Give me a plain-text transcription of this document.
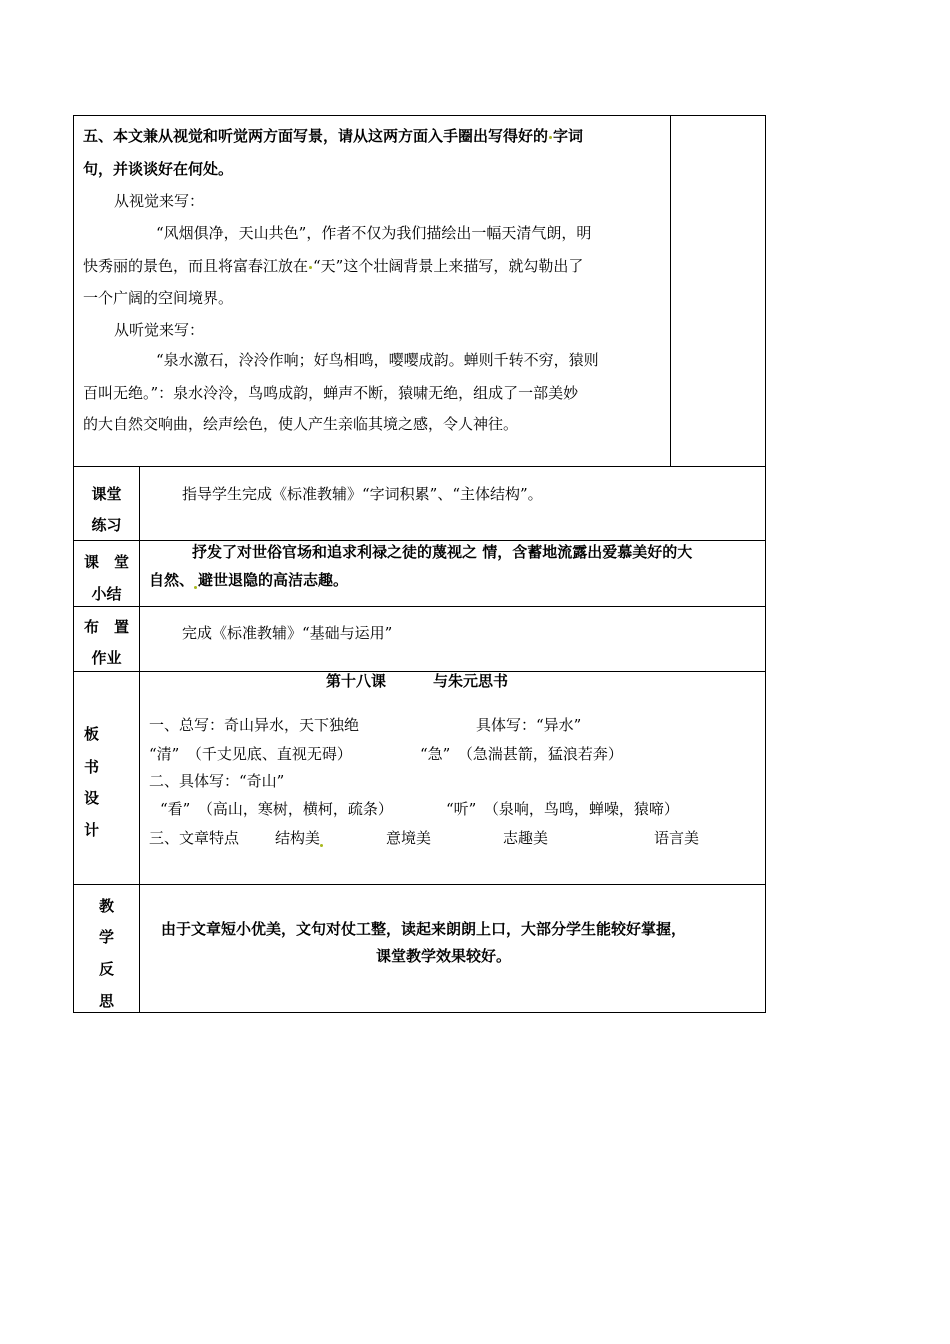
五、本文兼从视觉和听觉两方面写景，请从这两方面入手圈出写得好的 字词
句，并谈谈好在何处。
从视觉来写：
“风烟俱净，天山共色”，作者不仅为我们描绘出一幅天清气朗，明
快秀丽的景色，而且将富春江放在 “天”这个壮阔背景上来描写，就勾勒出了
一个广阔的空间境界。
从听觉来写：
“泉水激石，泠泠作响；好鸟相鸣，嘤嘤成韵。蝉则千转不穷，猿则
百叫无绝。”：泉水泠泠，鸟鸣成韵，蝉声不断，猿啸无绝，组成了一部美妙
的大自然交响曲，绘声绘色，使人产生亲临其境之感，令人神往。
课堂
练习
指导学生完成《标准教辅》“字词积累”、“主体结构”。
课　堂
小结
抒发了对世俗官场和追求利禄之徒的蔑视之 情，含蓄地流露出爱慕美好的大
自然、 避世退隐的高洁志趣。
布　置
作业
完成《标准教辅》“基础与运用”
板
书
设
计
第十八课	与朱元思书
一、总写：奇山异水，天下独绝	具体写：“异水”
“清”　（千丈见底、直视无碍）	“急”　（急湍甚箭，猛浪若奔）
二、具体写：“奇山”
“看”　（高山，寒树，横柯，疏条）	“听”　（泉响，鸟鸣，蝉噪，猿啼）
三、文章特点 结构美	意境美	志趣美	语言美
教
学
反
思
由于文章短小优美，文句对仗工整，读起来朗朗上口，大部分学生能较好掌握，
课堂教学效果较好。
